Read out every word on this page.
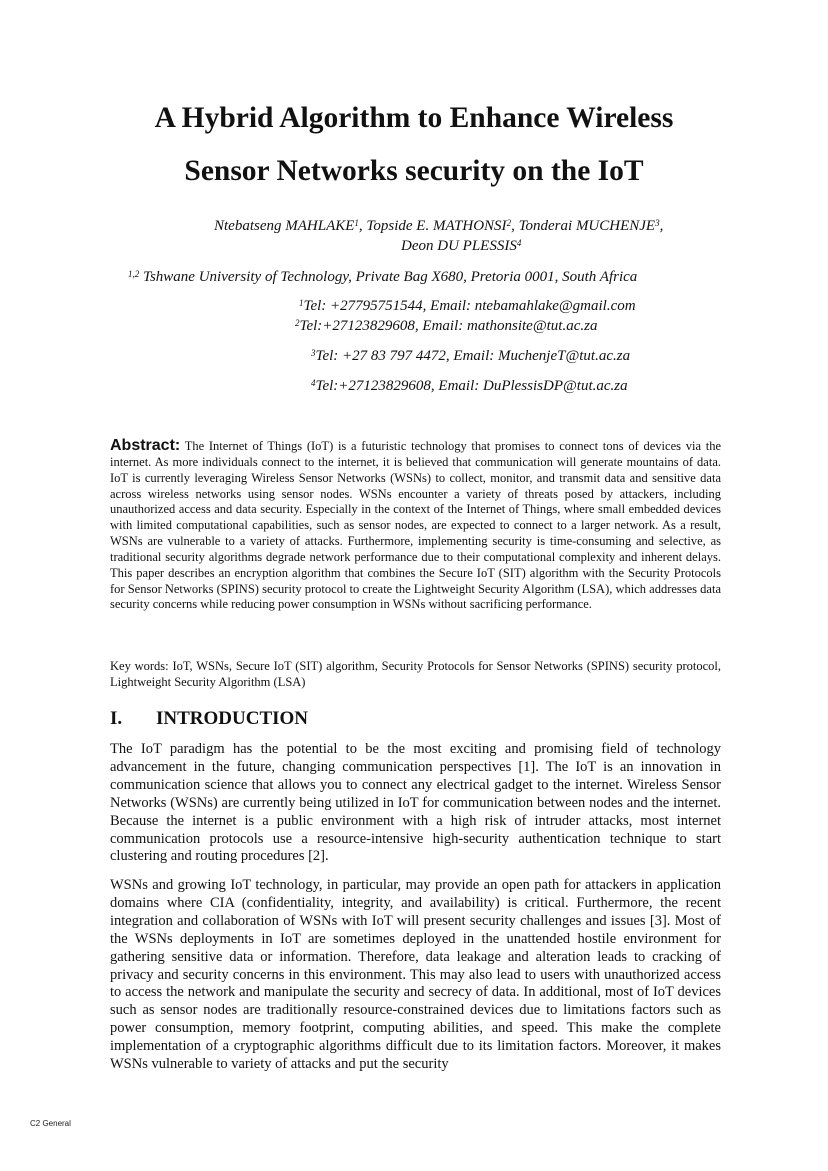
A Hybrid Algorithm to Enhance Wireless
Sensor Networks security on the IoT

Ntebatseng MAHLAKE$^1$, Topside E. MATHONSI$^2$, Tonderai MUCHENJE$^3$,

Deon DU PLESSIS$^4$

$^{1,2}$ Tshwane University of Technology, Private Bag X680, Pretoria 0001, South Africa

$^1$Tel: +27795751544, Email: ntebamahlake@gmail.com

$^2$Tel:+27123829608, Email: mathonsite@tut.ac.za

$^3$Tel: +27 83 797 4472, Email: MuchenjeT@tut.ac.za

$^4$Tel:+27123829608, Email: DuPlessisDP@tut.ac.za

Abstract: The Internet of Things (IoT) is a futuristic technology that promises to connect tons of devices via the internet. As more individuals connect to the internet, it is believed that communication will generate mountains of data. IoT is currently leveraging Wireless Sensor Networks (WSNs) to collect, monitor, and transmit data and sensitive data across wireless networks using sensor nodes. WSNs encounter a variety of threats posed by attackers, including unauthorized access and data security. Especially in the context of the Internet of Things, where small embedded devices with limited computational capabilities, such as sensor nodes, are expected to connect to a larger network. As a result, WSNs are vulnerable to a variety of attacks. Furthermore, implementing security is time-consuming and selective, as traditional security algorithms degrade network performance due to their computational complexity and inherent delays. This paper describes an encryption algorithm that combines the Secure IoT (SIT) algorithm with the Security Protocols for Sensor Networks (SPINS) security protocol to create the Lightweight Security Algorithm (LSA), which addresses data security concerns while reducing power consumption in WSNs without sacrificing performance.

Key words: IoT, WSNs, Secure IoT (SIT) algorithm, Security Protocols for Sensor Networks (SPINS) security protocol, Lightweight Security Algorithm (LSA)

I. INTRODUCTION

The IoT paradigm has the potential to be the most exciting and promising field of technology advancement in the future, changing communication perspectives [1]. The IoT is an innovation in communication science that allows you to connect any electrical gadget to the internet. Wireless Sensor Networks (WSNs) are currently being utilized in IoT for communication between nodes and the internet. Because the internet is a public environment with a high risk of intruder attacks, most internet communication protocols use a resource-intensive high-security authentication technique to start clustering and routing procedures [2].

WSNs and growing IoT technology, in particular, may provide an open path for attackers in application domains where CIA (confidentiality, integrity, and availability) is critical. Furthermore, the recent integration and collaboration of WSNs with IoT will present security challenges and issues [3]. Most of the WSNs deployments in IoT are sometimes deployed in the unattended hostile environment for gathering sensitive data or information. Therefore, data leakage and alteration leads to cracking of privacy and security concerns in this environment. This may also lead to users with unauthorized access to access the network and manipulate the security and secrecy of data. In additional, most of IoT devices such as sensor nodes are traditionally resource-constrained devices due to limitations factors such as power consumption, memory footprint, computing abilities, and speed. This make the complete implementation of a cryptographic algorithms difficult due to its limitation factors. Moreover, it makes WSNs vulnerable to variety of attacks and put the security

C2 General
